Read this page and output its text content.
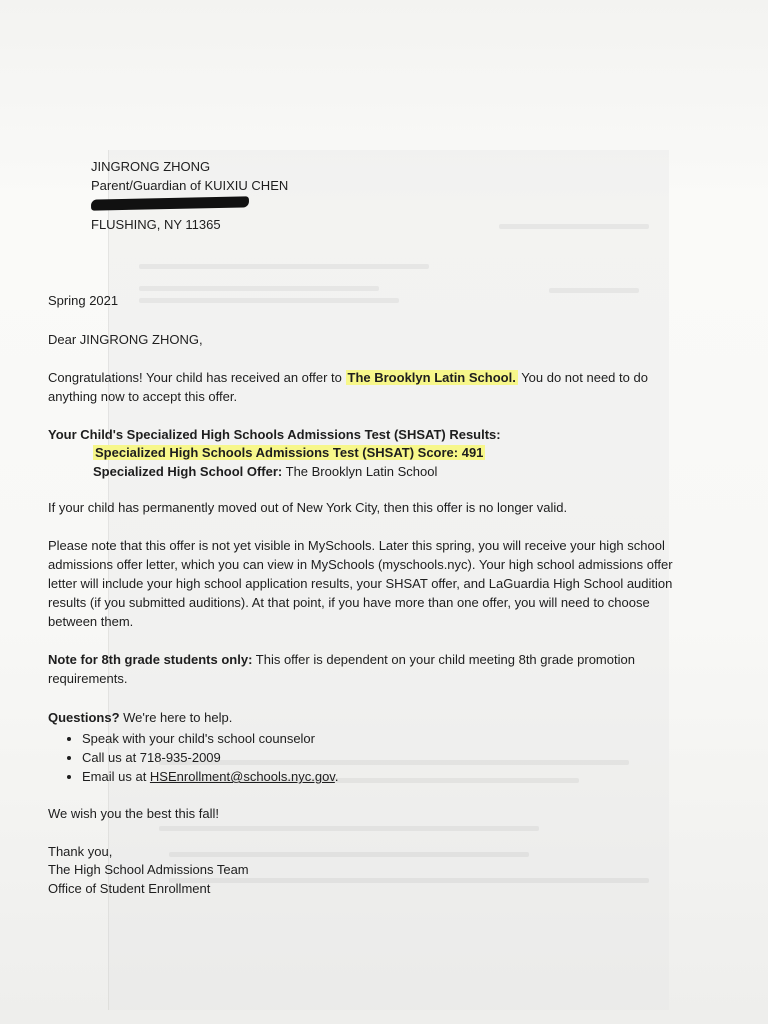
JINGRONG ZHONG
Parent/Guardian of KUIXIU CHEN
FLUSHING, NY 11365
Spring 2021
Dear JINGRONG ZHONG,
Congratulations! Your child has received an offer to The Brooklyn Latin School. You do not need to do
anything now to accept this offer.
Your Child's Specialized High Schools Admissions Test (SHSAT) Results:
Specialized High Schools Admissions Test (SHSAT) Score: 491
Specialized High School Offer: The Brooklyn Latin School
If your child has permanently moved out of New York City, then this offer is no longer valid.
Please note that this offer is not yet visible in MySchools. Later this spring, you will receive your high school
admissions offer letter, which you can view in MySchools (myschools.nyc). Your high school admissions offer
letter will include your high school application results, your SHSAT offer, and LaGuardia High School audition
results (if you submitted auditions). At that point, if you have more than one offer, you will need to choose
between them.
Note for 8th grade students only: This offer is dependent on your child meeting 8th grade promotion
requirements.
Questions? We're here to help.
• Speak with your child's school counselor
• Call us at 718-935-2009
• Email us at HSEnrollment@schools.nyc.gov.
We wish you the best this fall!
Thank you,
The High School Admissions Team
Office of Student Enrollment
